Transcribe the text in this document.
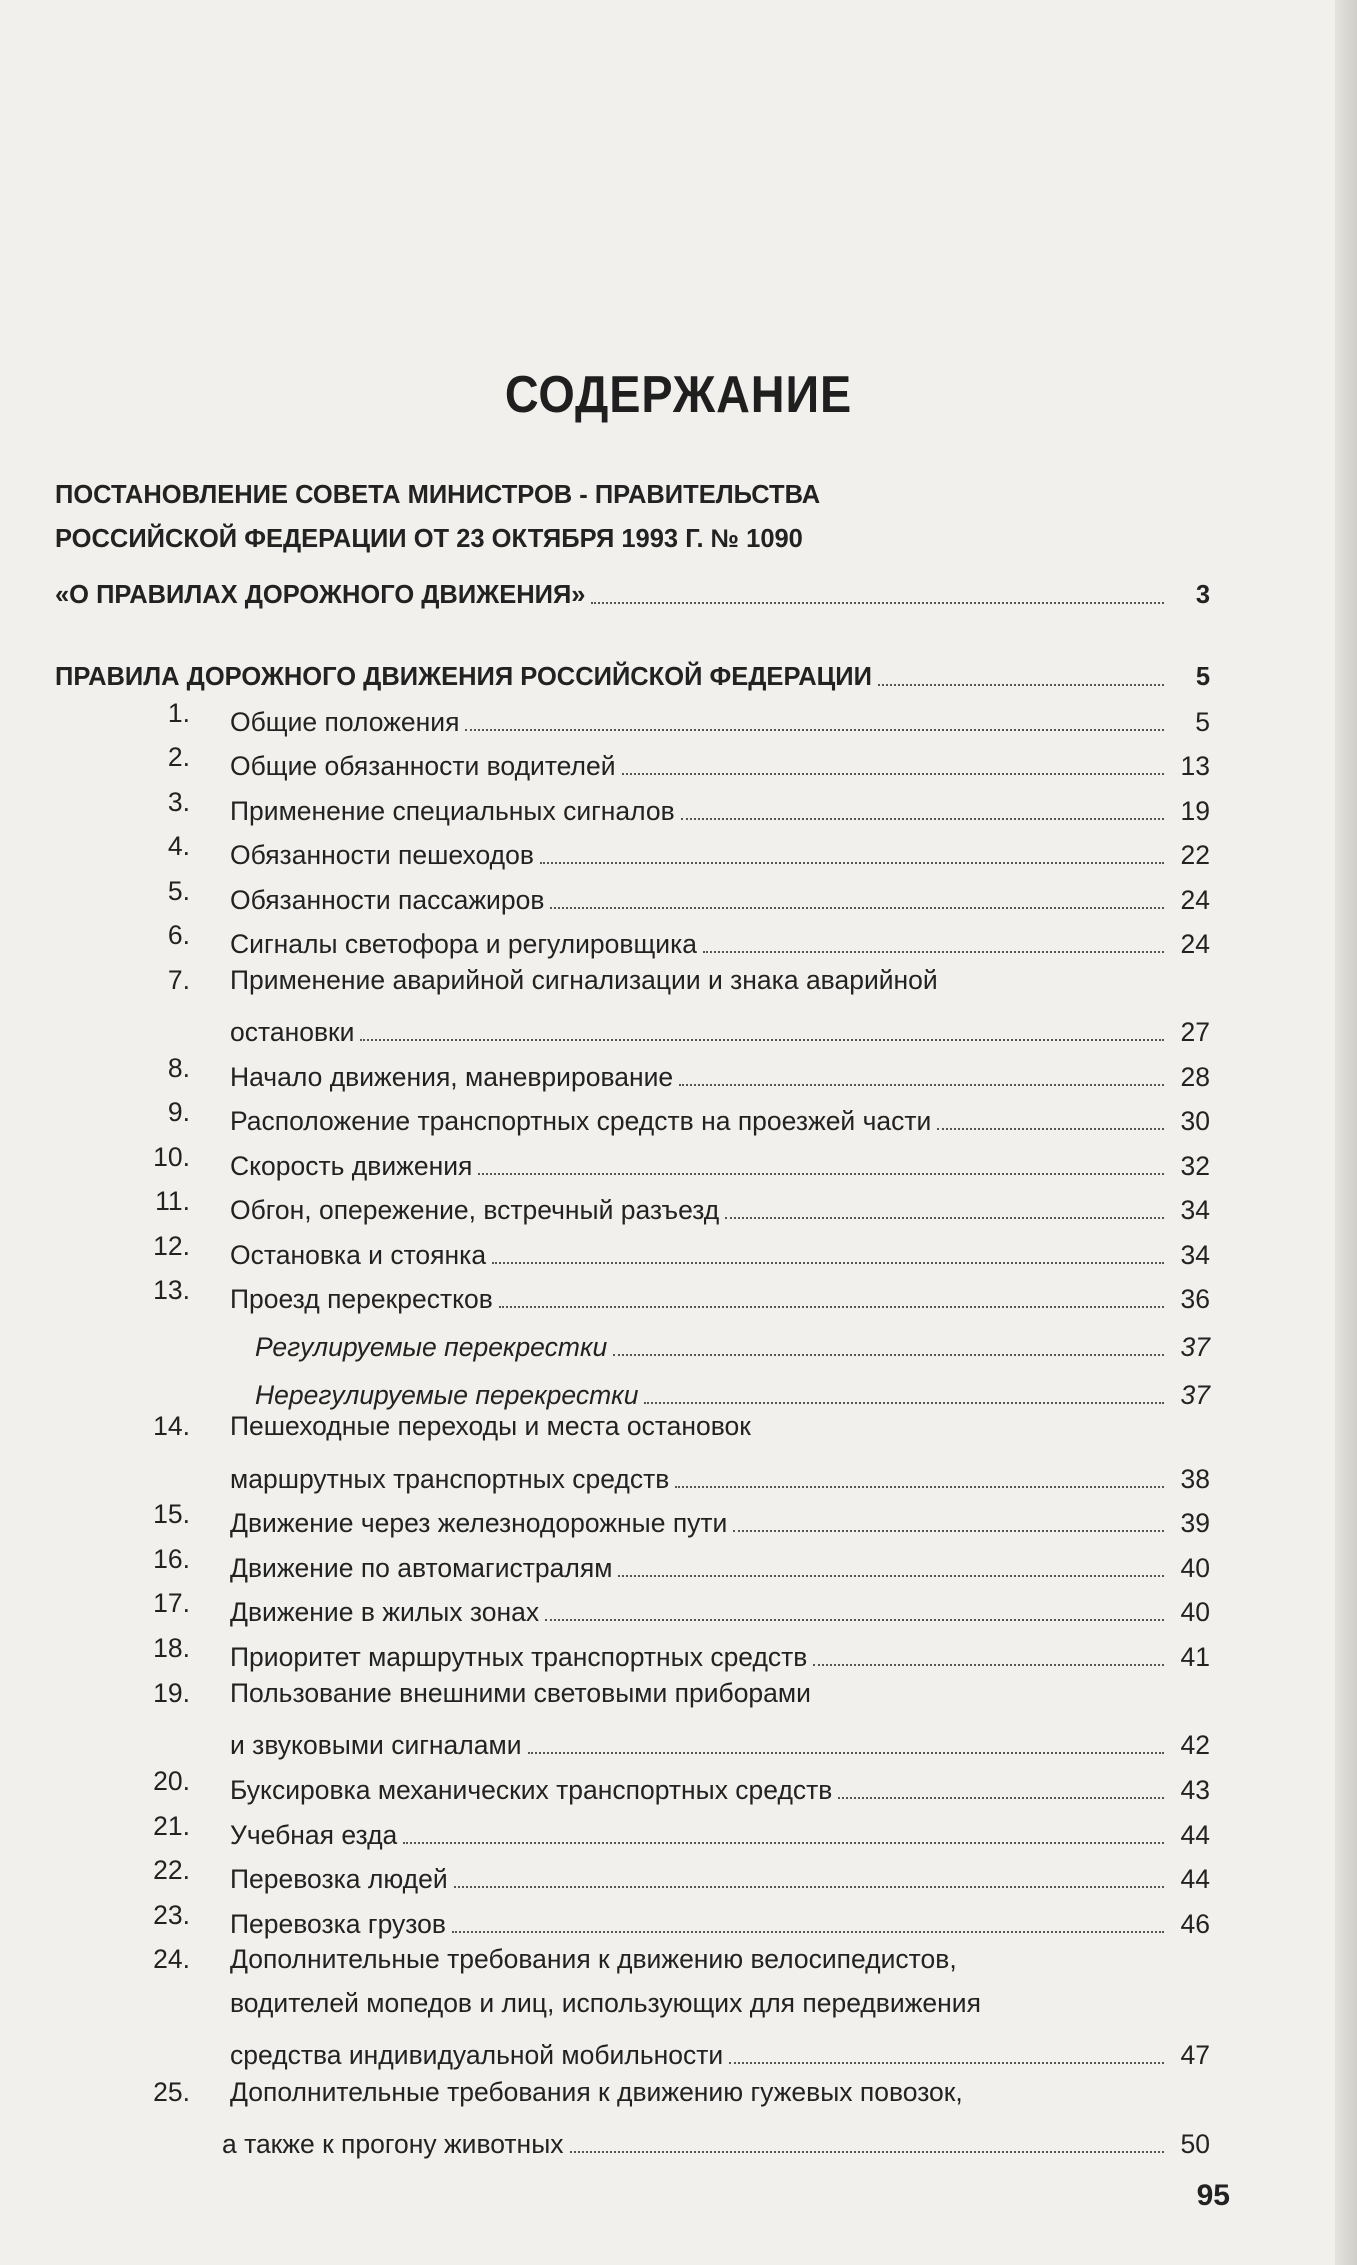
СОДЕРЖАНИЕ
ПОСТАНОВЛЕНИЕ СОВЕТА МИНИСТРОВ - ПРАВИТЕЛЬСТВА
РОССИЙСКОЙ ФЕДЕРАЦИИ ОТ 23 ОКТЯБРЯ 1993 Г. № 1090
«О ПРАВИЛАХ ДОРОЖНОГО ДВИЖЕНИЯ»	3
ПРАВИЛА ДОРОЖНОГО ДВИЖЕНИЯ РОССИЙСКОЙ ФЕДЕРАЦИИ	5
1. Общие положения	5
2. Общие обязанности водителей	13
3. Применение специальных сигналов	19
4. Обязанности пешеходов	22
5. Обязанности пассажиров	24
6. Сигналы светофора и регулировщика	24
7. Применение аварийной сигнализации и знака аварийной
остановки	27
8. Начало движения, маневрирование	28
9. Расположение транспортных средств на проезжей части	30
10. Скорость движения	32
11. Обгон, опережение, встречный разъезд	34
12. Остановка и стоянка	34
13. Проезд перекрестков	36
Регулируемые перекрестки	37
Нерегулируемые перекрестки	37
14. Пешеходные переходы и места остановок
маршрутных транспортных средств	38
15. Движение через железнодорожные пути	39
16. Движение по автомагистралям	40
17. Движение в жилых зонах	40
18. Приоритет маршрутных транспортных средств	41
19. Пользование внешними световыми приборами
и звуковыми сигналами	42
20. Буксировка механических транспортных средств	43
21. Учебная езда	44
22. Перевозка людей	44
23. Перевозка грузов	46
24. Дополнительные требования к движению велосипедистов,
водителей мопедов и лиц, использующих для передвижения
средства индивидуальной мобильности	47
25. Дополнительные требования к движению гужевых повозок,
а также к прогону животных	50
95
